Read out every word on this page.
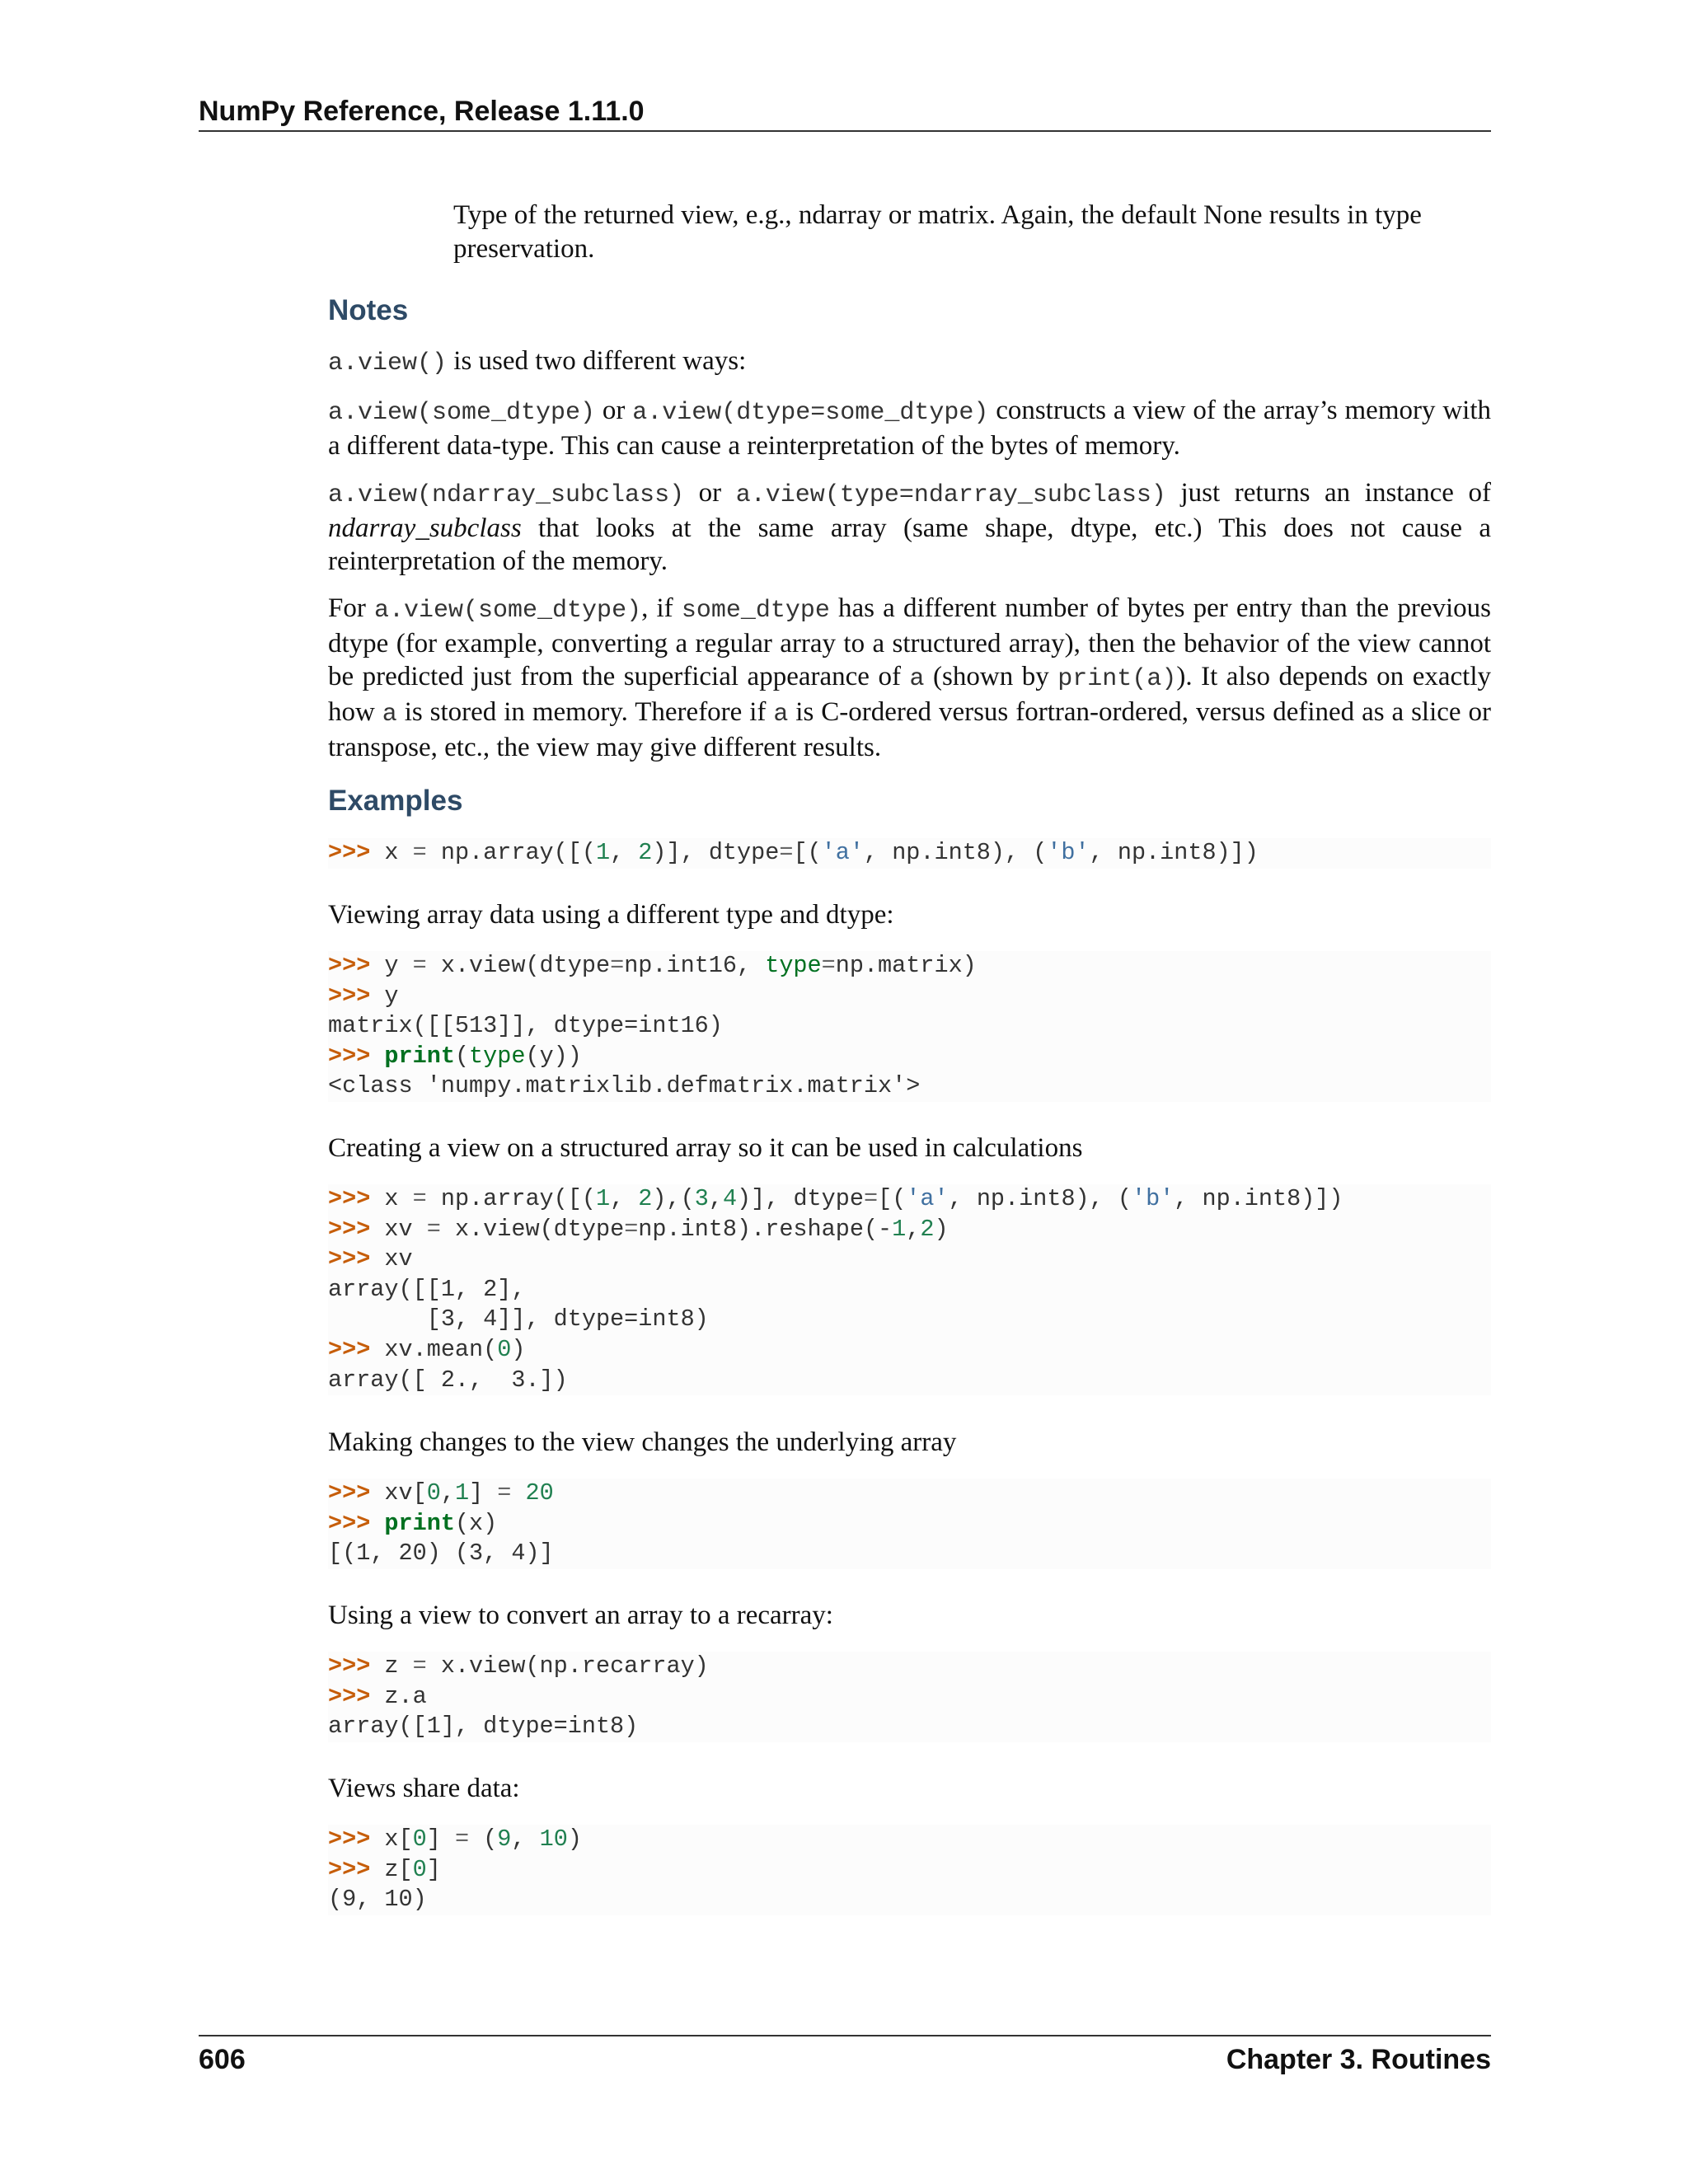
NumPy Reference, Release 1.11.0
Type of the returned view, e.g., ndarray or matrix. Again, the default None results in type preservation.
Notes

a.view() is used two different ways:

a.view(some_dtype) or a.view(dtype=some_dtype) constructs a view of the array’s memory with a different data-type. This can cause a reinterpretation of the bytes of memory.

a.view(ndarray_subclass) or a.view(type=ndarray_subclass) just returns an instance of ndarray_subclass that looks at the same array (same shape, dtype, etc.) This does not cause a reinterpretation of the memory.

For a.view(some_dtype), if some_dtype has a different number of bytes per entry than the previous dtype (for example, converting a regular array to a structured array), then the behavior of the view cannot be predicted just from the superficial appearance of a (shown by print(a)). It also depends on exactly how a is stored in memory. Therefore if a is C-ordered versus fortran-ordered, versus defined as a slice or transpose, etc., the view may give different results.

Examples
>>> x = np.array([(1, 2)], dtype=[('a', np.int8), ('b', np.int8)])

Viewing array data using a different type and dtype:

>>> y = x.view(dtype=np.int16, type=np.matrix)
>>> y
matrix([[513]], dtype=int16)
>>> print(type(y))
<class 'numpy.matrixlib.defmatrix.matrix'>

Creating a view on a structured array so it can be used in calculations

>>> x = np.array([(1, 2),(3,4)], dtype=[('a', np.int8), ('b', np.int8)])
>>> xv = x.view(dtype=np.int8).reshape(-1,2)
>>> xv
array([[1, 2],
[3, 4]], dtype=int8)
>>> xv.mean(0)
array([ 2.,  3.])

Making changes to the view changes the underlying array

>>> xv[0,1] = 20
>>> print(x)
[(1, 20) (3, 4)]

Using a view to convert an array to a recarray:

>>> z = x.view(np.recarray)
>>> z.a
array([1], dtype=int8)

Views share data:

>>> x[0] = (9, 10)
>>> z[0]
(9, 10)
606	Chapter 3. Routines
